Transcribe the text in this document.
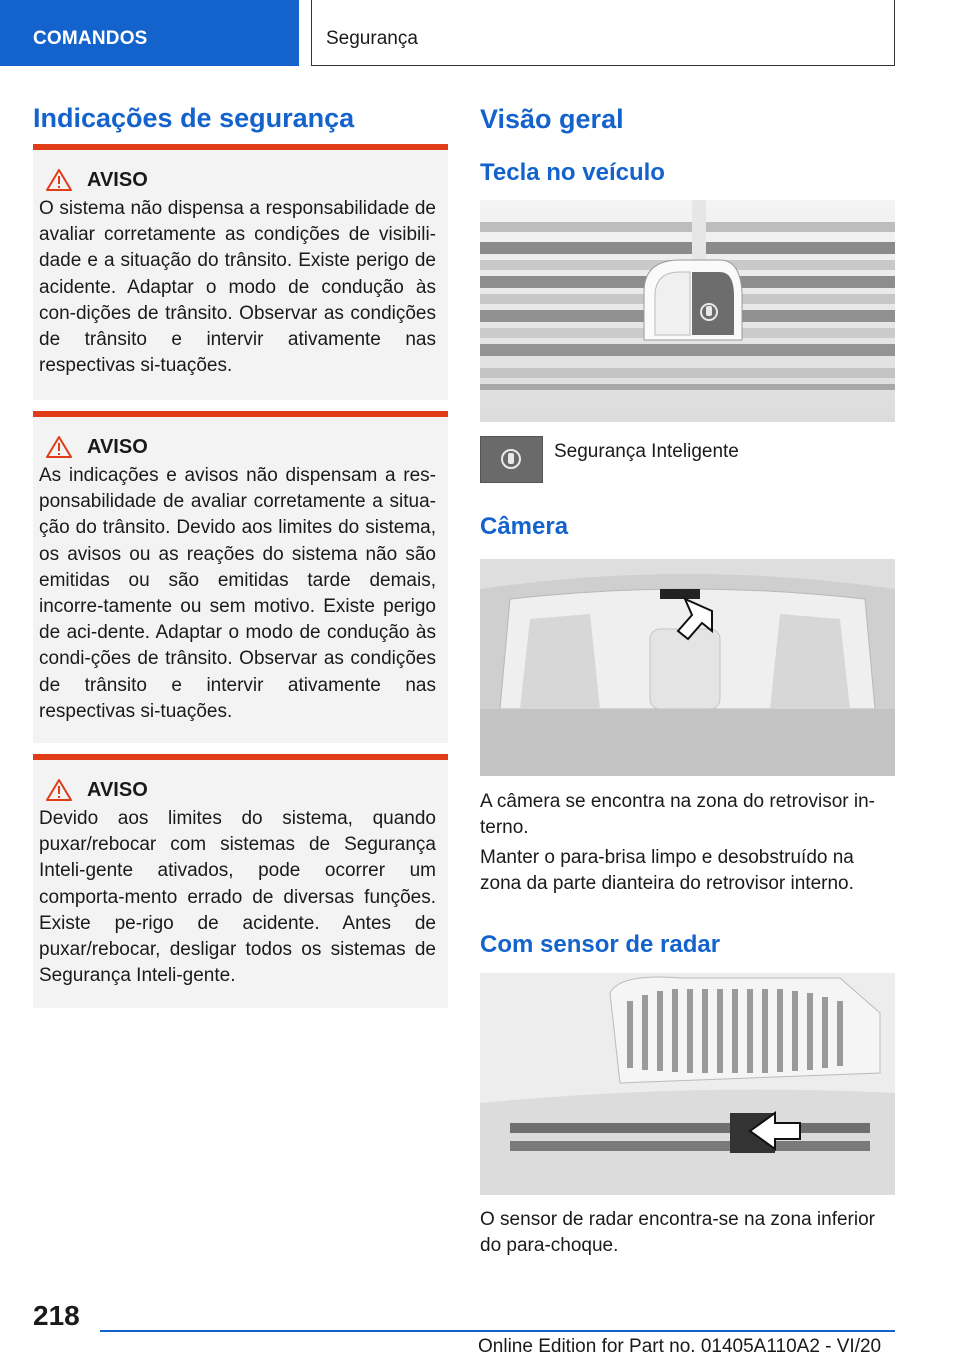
COMANDOS	Segurança
Indicações de segurança
AVISO

O sistema não dispensa a responsabilidade de avaliar corretamente as condições de visibili-dade e a situação do trânsito. Existe perigo de acidente. Adaptar o modo de condução às con-dições de trânsito. Observar as condições de trânsito e intervir ativamente nas respectivas si-tuações.

AVISO

As indicações e avisos não dispensam a res-ponsabilidade de avaliar corretamente a situa-ção do trânsito. Devido aos limites do sistema, os avisos ou as reações do sistema não são emitidas ou são emitidas tarde demais, incorre-tamente ou sem motivo. Existe perigo de aci-dente. Adaptar o modo de condução às condi-ções de trânsito. Observar as condições de trânsito e intervir ativamente nas respectivas si-tuações.

AVISO

Devido aos limites do sistema, quando puxar/rebocar com sistemas de Segurança Inteli-gente ativados, pode ocorrer um comporta-mento errado de diversas funções. Existe pe-rigo de acidente. Antes de puxar/rebocar, desligar todos os sistemas de Segurança Inteli-gente.

Visão geral
Tecla no veículo
Segurança Inteligente
Câmera

A câmera se encontra na zona do retrovisor in-terno.

Manter o para-brisa limpo e desobstruído na zona da parte dianteira do retrovisor interno.

Com sensor de radar

O sensor de radar encontra-se na zona inferior do para-choque.

218
Online Edition for Part no. 01405A110A2 - VI/20
